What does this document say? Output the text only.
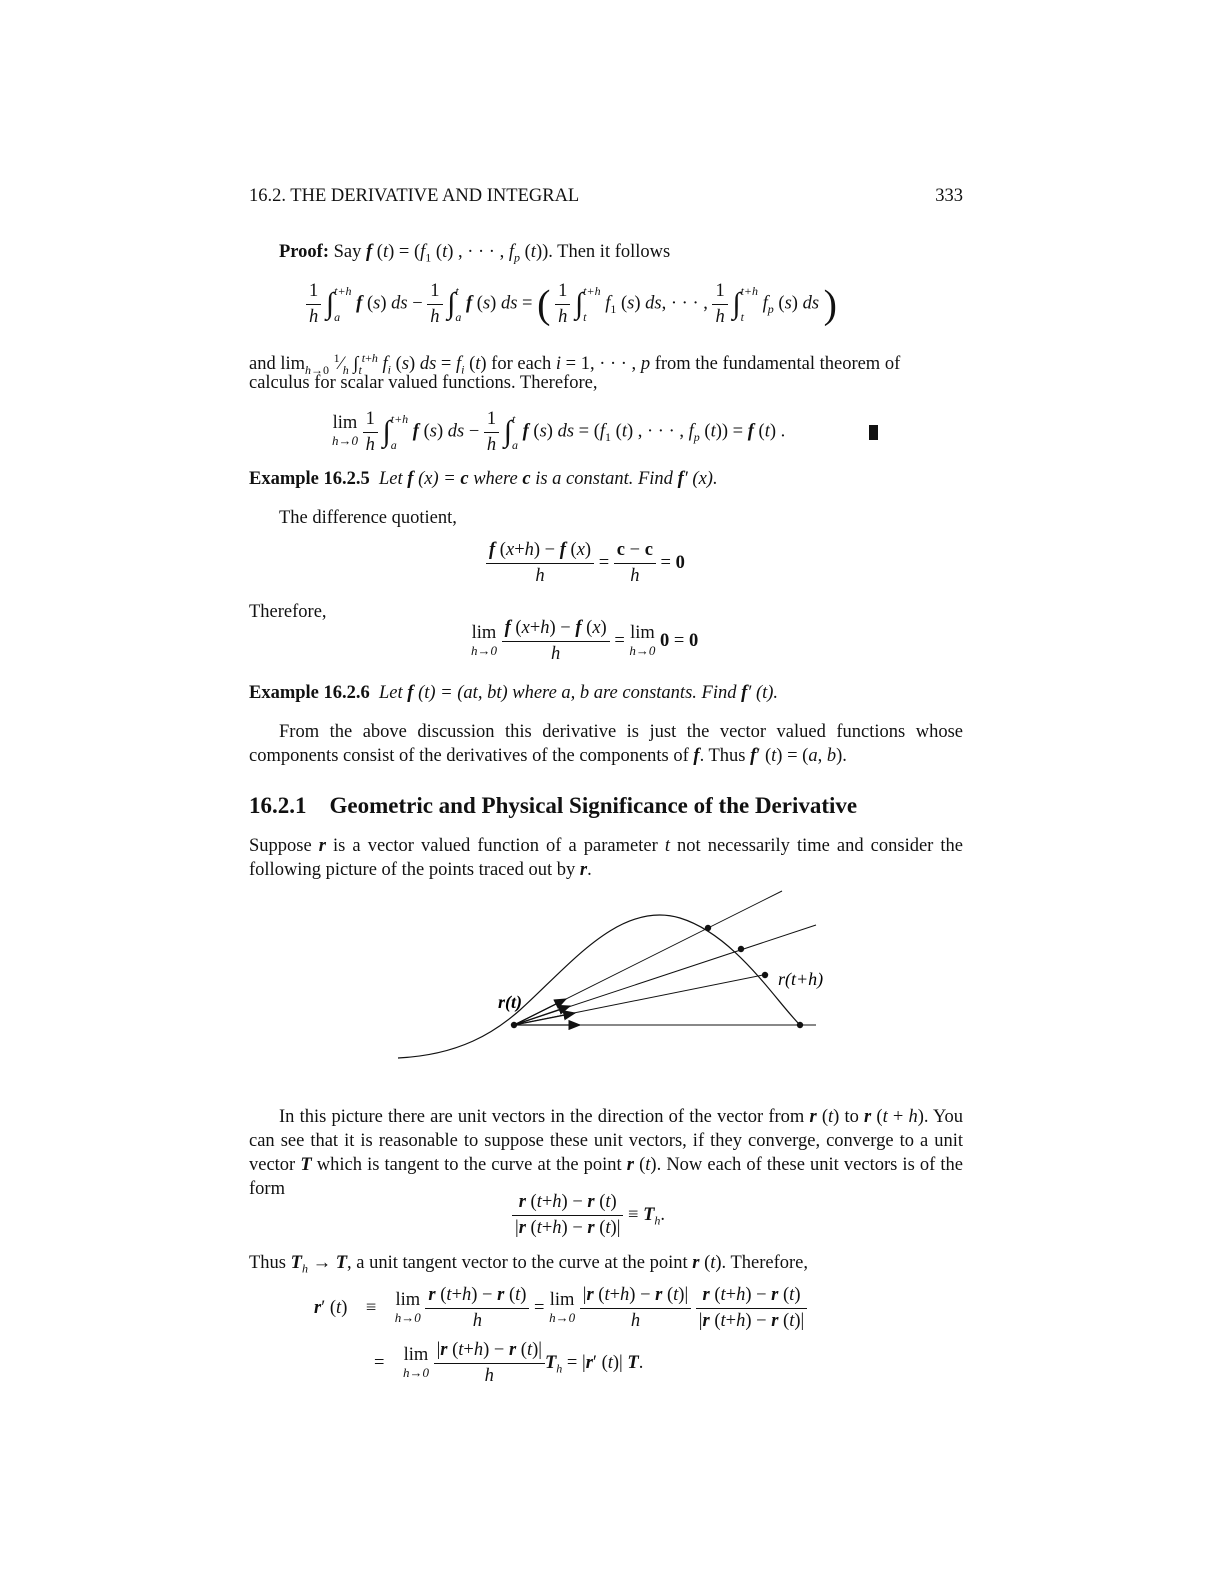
16.2. THE DERIVATIVE AND INTEGRAL	333
Proof: Say f $(t) = (f_1$ (t) , · · · , $f_p$ (t)). Then it follows
$\frac{1}{h}$ ∫ t+h
a
f (s) ds − $\frac{1}{h}$ ∫ t
a
f (s) ds = ( $\frac{1}{h}$ ∫ t+h
t
$f_1$ (s) ds, · · · , $\frac{1}{h}$ ∫ t+h
t
$f_p$ (s) ds )
and $\lim_{h\to 0}$ $^1⁄_h$ $\int_t^{t+h}$ $f_i$ (s) ds = $f_i$ (t) for each i = 1, · · · , p from the fundamental theorem of
calculus for scalar valued functions. Therefore,
lim
h→0
$\frac{1}{h}$ ∫ t+h
a
f (s) ds − $\frac{1}{h}$ ∫ t
a
f (s) ds = ($f_1$ (t) , · · · , $f_p$ (t)) = f (t) .
Example 16.2.5 Let f (x) = c where c is a constant. Find f′ (x).
The difference quotient,
$\frac{f (x+h) - f (x)}{h} = \frac{c - c}{h} = 0$
Therefore,
lim
h→0
$\frac{f (x+h) - f (x)}{h} = \lim$
h→0 0 = 0
Example 16.2.6 Let f (t) = (at, bt) where a, b are constants. Find f′ (t).
From the above discussion this derivative is just the vector valued functions whose components consist of the derivatives of the components of f. Thus f′ (t) = (a, b).
16.2.1 Geometric and Physical Significance of the Derivative
Suppose r is a vector valued function of a parameter t not necessarily time and consider the following picture of the points traced out by r.
r(t)
r(t+h)
In this picture there are unit vectors in the direction of the vector from r (t) to r (t + h). You can see that it is reasonable to suppose these unit vectors, if they converge, converge to a unit vector T which is tangent to the curve at the point r (t). Now each of these unit vectors is of the form
$\frac{r (t+h) - r (t)}{|r (t+h) - r (t)|} \equiv T_h$.
Thus $T_h \to T$, a unit tangent vector to the curve at the point r (t). Therefore,
r′ (t)    ≡    lim
h→0
$\frac{r (t+h) - r (t)}{h} = \lim$
h→0
$\frac{|r (t+h) - r (t)|}{h}$
$\frac{r (t+h) - r (t)}{|r (t+h) - r (t)|}$
=    lim
h→0
$\frac{|r (t+h) - r (t)|}{h} T_h = |r'$ (t)| T.
